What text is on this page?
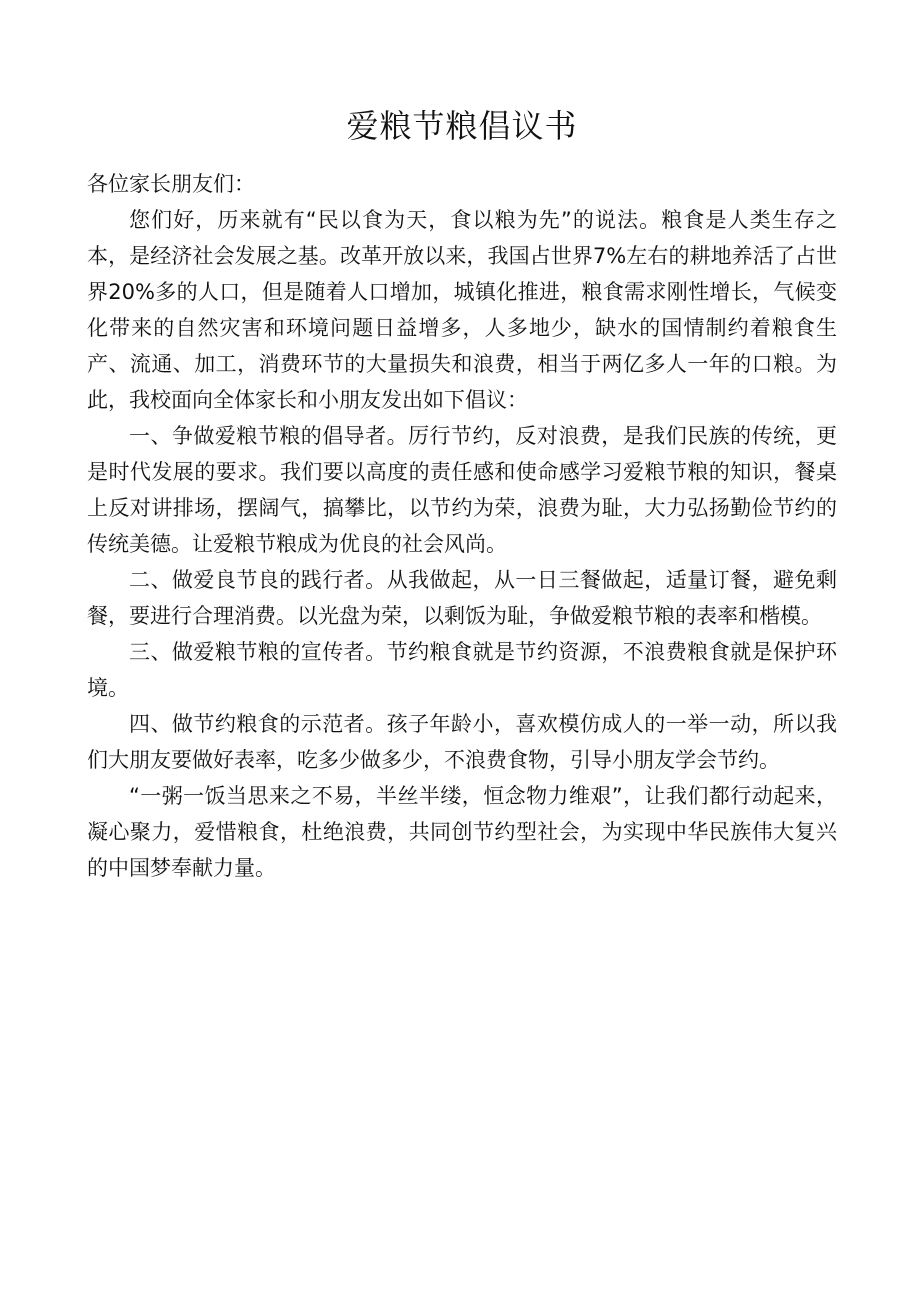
爱粮节粮倡议书

各位家长朋友们：

您们好，历来就有“民以食为天，食以粮为先”的说法。粮食是人类生存之本，是经济社会发展之基。改革开放以来，我国占世界7%左右的耕地养活了占世界20%多的人口，但是随着人口增加，城镇化推进，粮食需求刚性增长，气候变化带来的自然灾害和环境问题日益增多，人多地少，缺水的国情制约着粮食生产、流通、加工，消费环节的大量损失和浪费，相当于两亿多人一年的口粮。为此，我校面向全体家长和小朋友发出如下倡议：

一、争做爱粮节粮的倡导者。厉行节约，反对浪费，是我们民族的传统，更是时代发展的要求。我们要以高度的责任感和使命感学习爱粮节粮的知识，餐桌上反对讲排场，摆阔气，搞攀比，以节约为荣，浪费为耻，大力弘扬勤俭节约的传统美德。让爱粮节粮成为优良的社会风尚。

二、做爱良节良的践行者。从我做起，从一日三餐做起，适量订餐，避免剩餐，要进行合理消费。以光盘为荣，以剩饭为耻，争做爱粮节粮的表率和楷模。

三、做爱粮节粮的宣传者。节约粮食就是节约资源，不浪费粮食就是保护环境。

四、做节约粮食的示范者。孩子年龄小，喜欢模仿成人的一举一动，所以我们大朋友要做好表率，吃多少做多少，不浪费食物，引导小朋友学会节约。

“一粥一饭当思来之不易，半丝半缕，恒念物力维艰”，让我们都行动起来，凝心聚力，爱惜粮食，杜绝浪费，共同创节约型社会，为实现中华民族伟大复兴的中国梦奉献力量。
